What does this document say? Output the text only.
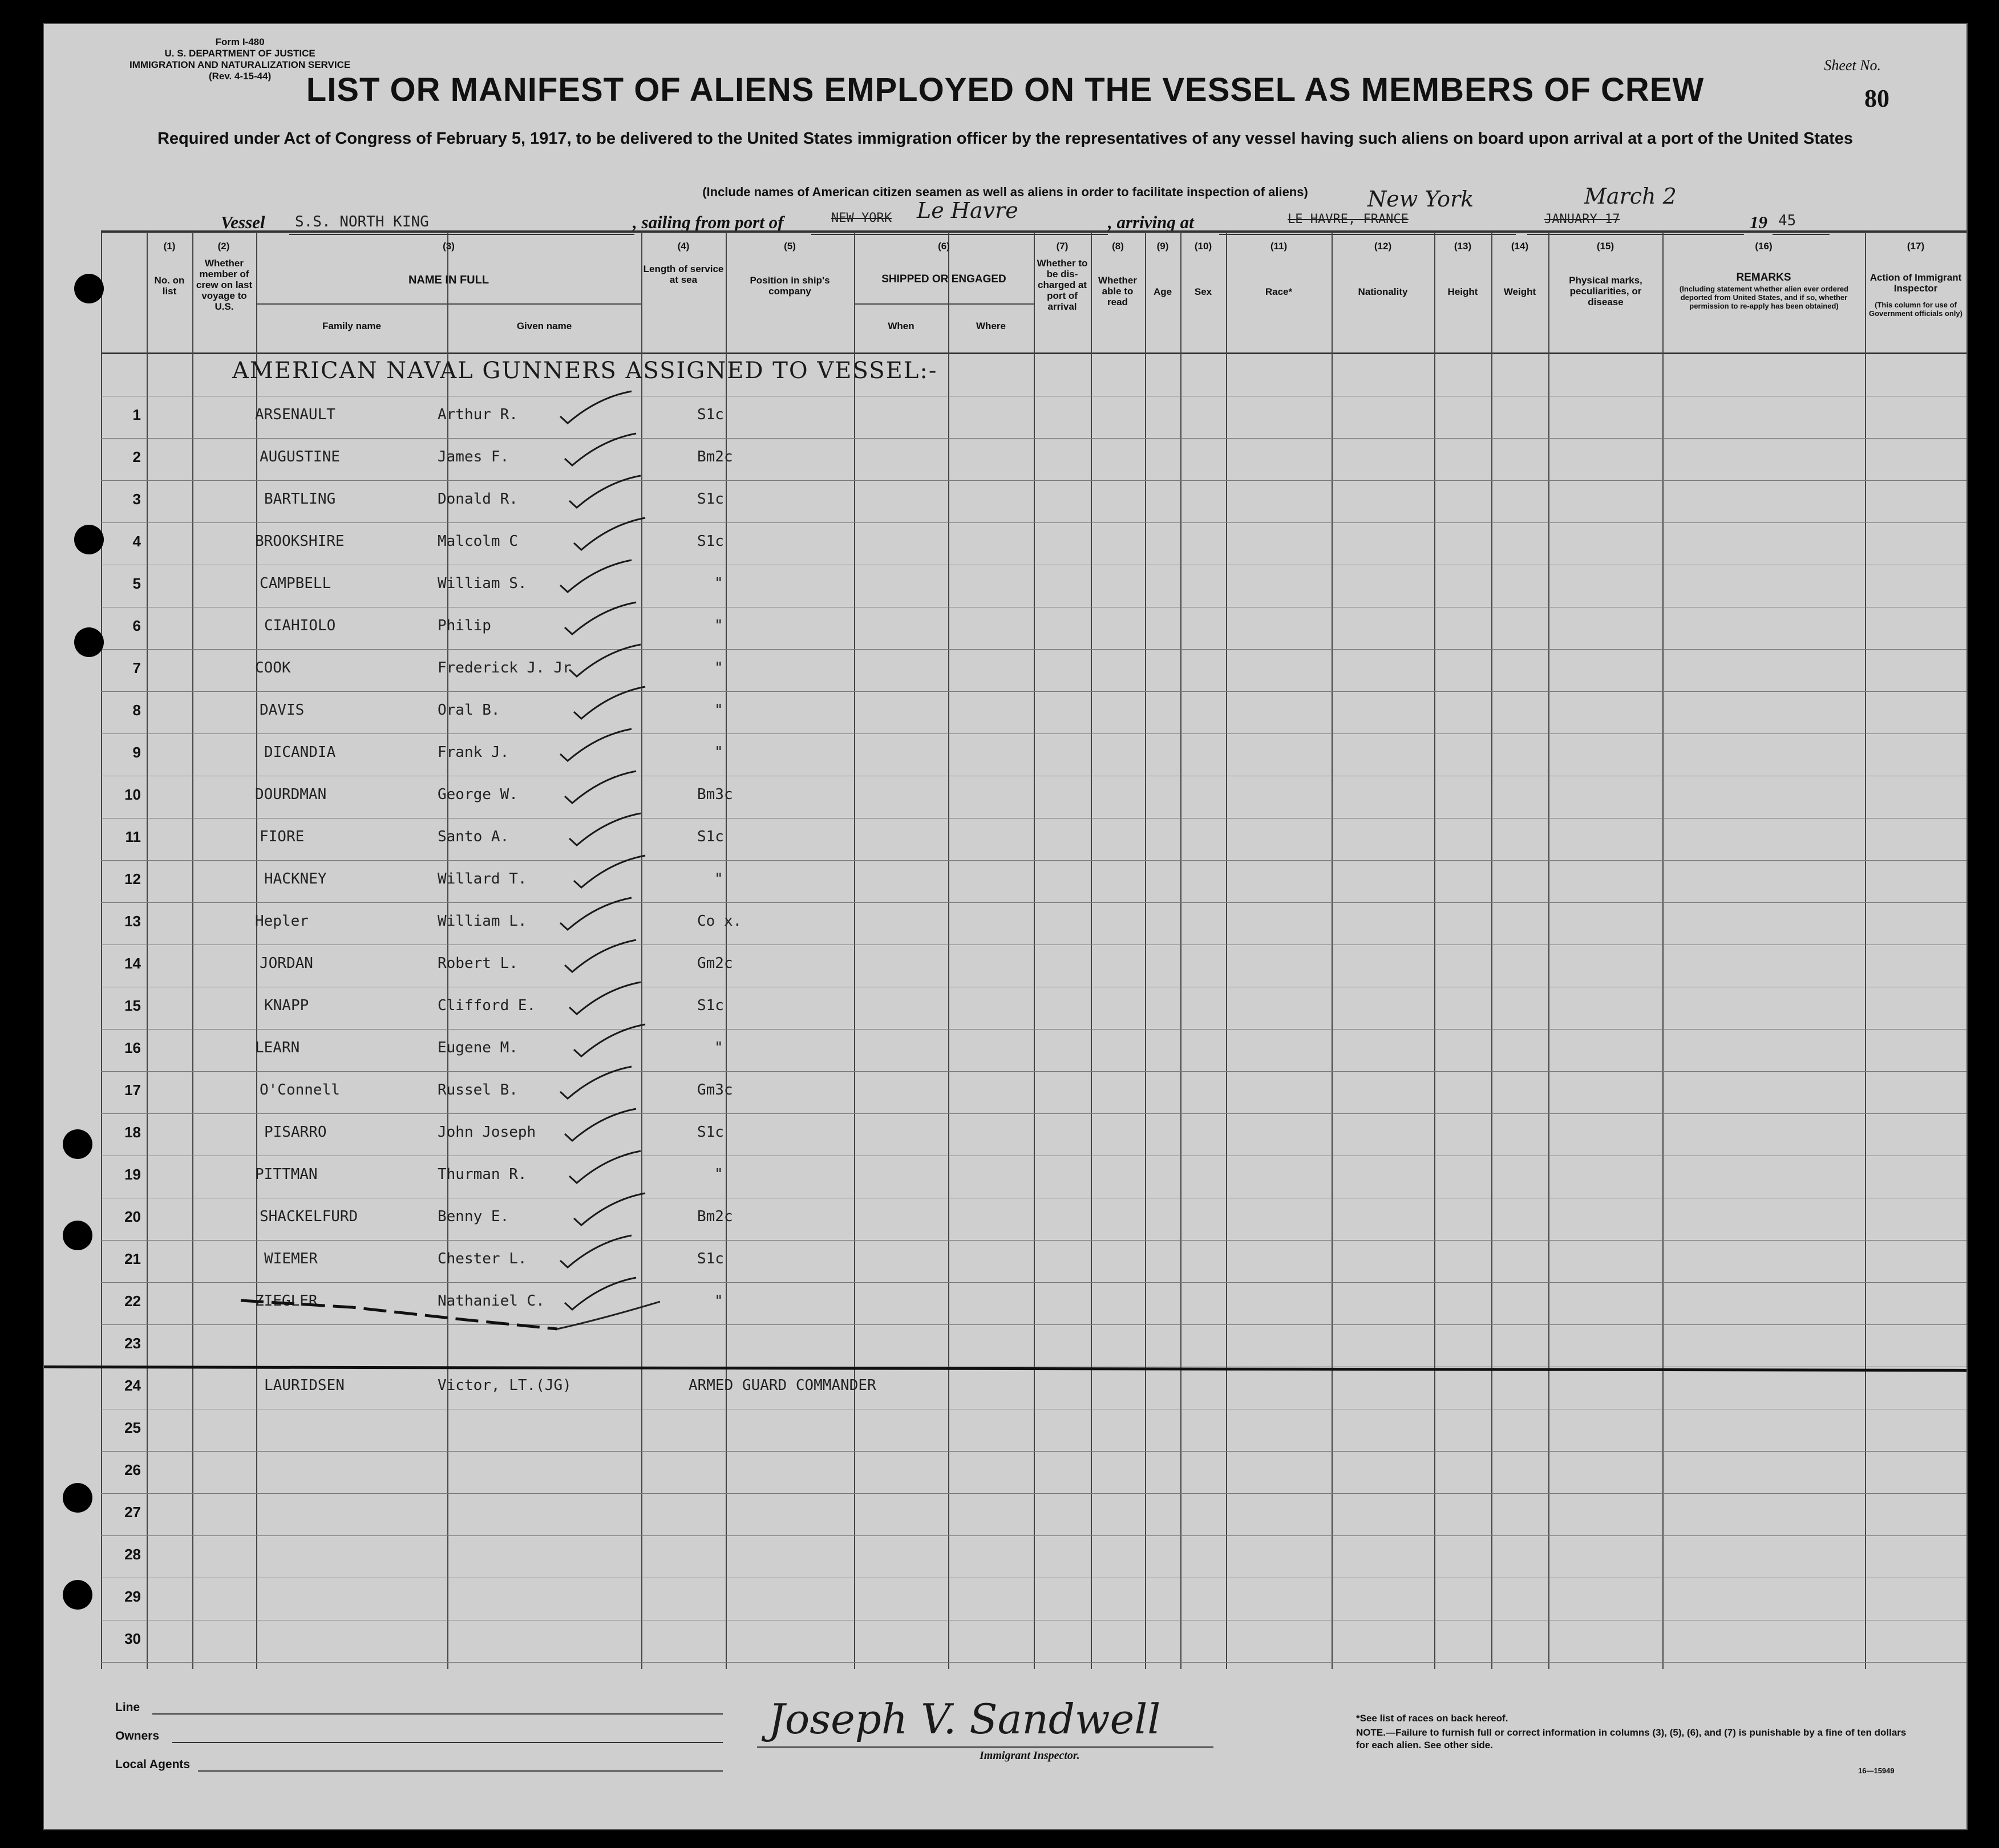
Form I-480
U. S. DEPARTMENT OF JUSTICE
IMMIGRATION AND NATURALIZATION SERVICE
(Rev. 4-15-44)
Sheet No.
80
LIST OR MANIFEST OF ALIENS EMPLOYED ON THE VESSEL AS MEMBERS OF CREW
Required under Act of Congress of February 5, 1917, to be delivered to the United States immigration officer by the representatives of any vessel having such aliens on board upon arrival at a port of the United States
(Include names of American citizen seamen as well as aliens in order to facilitate inspection of aliens)
Vessel S.S. NORTH KING	, sailing from port of	NEW YORK Le Havre	, arriving at	LE HAVRE, FRANCE
New York
JANUARY 17
March 2
19 45
(1)
No. on list
(2)
Whether member of crew on last voyage to U.S.
(3)
NAME IN FULL
Family name	Given name
(4)
Length of service at sea
(5)
Position in ship's company
(6)
SHIPPED OR ENGAGED
When	Where
(7)
Whether to be dis-charged at port of arrival
(8)
Whether able to read
(9)
Age
(10)
Sex
(11)
Race*
(12)
Nationality
(13)
Height
(14)
Weight
(15)
Physical marks, peculiarities, or disease
(16)
REMARKS
(Including statement whether alien ever ordered deported from United States, and if so, whether permission to re-apply has been obtained)
(17)
Action of Immigrant Inspector
(This column for use of Government officials only)
AMERICAN NAVAL GUNNERS ASSIGNED TO VESSEL:-
1	ARSENAULT	Arthur R.	S1c
2	AUGUSTINE	James F.	Bm2c
3	BARTLING	Donald R.	S1c
4	BROOKSHIRE	Malcolm C	S1c
5	CAMPBELL	William S.	"
6	CIAHIOLO	Philip	"
7	COOK	Frederick J. Jr	"
8	DAVIS	Oral B.	"
9	DICANDIA	Frank J.	"
10	DOURDMAN	George W.	Bm3c
11	FIORE	Santo A.	S1c
12	HACKNEY	Willard T.	"
13	Hepler	William L.	Co x.
14	JORDAN	Robert L.	Gm2c
15	KNAPP	Clifford E.	S1c
16	LEARN	Eugene M.	"
17	O'Connell	Russel B.	Gm3c
18	PISARRO	John Joseph	S1c
19	PITTMAN	Thurman R.	"
20	SHACKELFURD	Benny E.	Bm2c
21	WIEMER	Chester L.	S1c
22	ZIEGLER	Nathaniel C.	"
23
24	LAURIDSEN	Victor, LT.(JG)	ARMED GUARD COMMANDER
25
26
27
28
29
30
Line
Owners
Local Agents
Joseph V. Sandwell
Immigrant Inspector.
*See list of races on back hereof.
NOTE.—Failure to furnish full or correct information in columns (3), (5), (6), and (7) is punishable by a fine of ten dollars for each alien. See other side.
16—15949
